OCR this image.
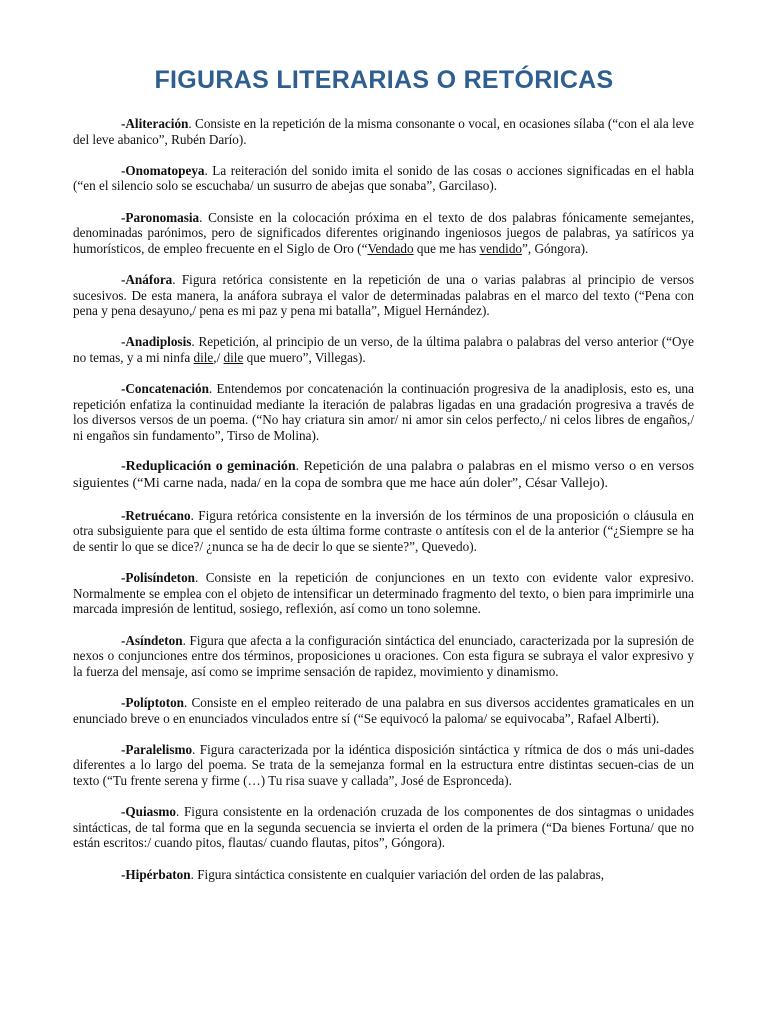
FIGURAS LITERARIAS O RETÓRICAS

-Aliteración. Consiste en la repetición de la misma consonante o vocal, en ocasiones sílaba (“con el ala leve del leve abanico”, Rubén Darío).

-Onomatopeya. La reiteración del sonido imita el sonido de las cosas o acciones significadas en el habla (“en el silencio solo se escuchaba/ un susurro de abejas que sonaba”, Garcilaso).

-Paronomasia. Consiste en la colocación próxima en el texto de dos palabras fónicamente semejantes, denominadas parónimos, pero de significados diferentes originando ingeniosos juegos de palabras, ya satíricos ya humorísticos, de empleo frecuente en el Siglo de Oro (“Vendado que me has vendido”, Góngora).

-Anáfora. Figura retórica consistente en la repetición de una o varias palabras al principio de versos sucesivos. De esta manera, la anáfora subraya el valor de determinadas palabras en el marco del texto (“Pena con pena y pena desayuno,/ pena es mi paz y pena mi batalla”, Miguel Hernández).

-Anadiplosis. Repetición, al principio de un verso, de la última palabra o palabras del verso anterior (“Oye no temas, y a mi ninfa dile,/ dile que muero”, Villegas).

-Concatenación. Entendemos por concatenación la continuación progresiva de la anadiplosis, esto es, una repetición enfatiza la continuidad mediante la iteración de palabras ligadas en una gradación progresiva a través de los diversos versos de un poema. (“No hay criatura sin amor/ ni amor sin celos perfecto,/ ni celos libres de engaños,/ ni engaños sin fundamento”, Tirso de Molina).

-Reduplicación o geminación. Repetición de una palabra o palabras en el mismo verso o en versos siguientes (“Mi carne nada, nada/ en la copa de sombra que me hace aún doler”, César Vallejo).

-Retruécano. Figura retórica consistente en la inversión de los términos de una proposición o cláusula en otra subsiguiente para que el sentido de esta última forme contraste o antítesis con el de la anterior (“¿Siempre se ha de sentir lo que se dice?/ ¿nunca se ha de decir lo que se siente?”, Quevedo).

-Polisíndeton. Consiste en la repetición de conjunciones en un texto con evidente valor expresivo. Normalmente se emplea con el objeto de intensificar un determinado fragmento del texto, o bien para imprimirle una marcada impresión de lentitud, sosiego, reflexión, así como un tono solemne.

-Asíndeton. Figura que afecta a la configuración sintáctica del enunciado, caracterizada por la supresión de nexos o conjunciones entre dos términos, proposiciones u oraciones. Con esta figura se subraya el valor expresivo y la fuerza del mensaje, así como se imprime sensación de rapidez, movimiento y dinamismo.

-Políptoton. Consiste en el empleo reiterado de una palabra en sus diversos accidentes gramaticales en un enunciado breve o en enunciados vinculados entre sí (“Se equivocó la paloma/ se equivocaba”, Rafael Alberti).

-Paralelismo. Figura caracterizada por la idéntica disposición sintáctica y rítmica de dos o más uni-dades diferentes a lo largo del poema. Se trata de la semejanza formal en la estructura entre distintas secuen-cias de un texto (“Tu frente serena y firme (…) Tu risa suave y callada”, José de Espronceda).

-Quiasmo. Figura consistente en la ordenación cruzada de los componentes de dos sintagmas o unidades sintácticas, de tal forma que en la segunda secuencia se invierta el orden de la primera (“Da bienes Fortuna/ que no están escritos:/ cuando pitos, flautas/ cuando flautas, pitos”, Góngora).

-Hipérbaton. Figura sintáctica consistente en cualquier variación del orden de las palabras,
